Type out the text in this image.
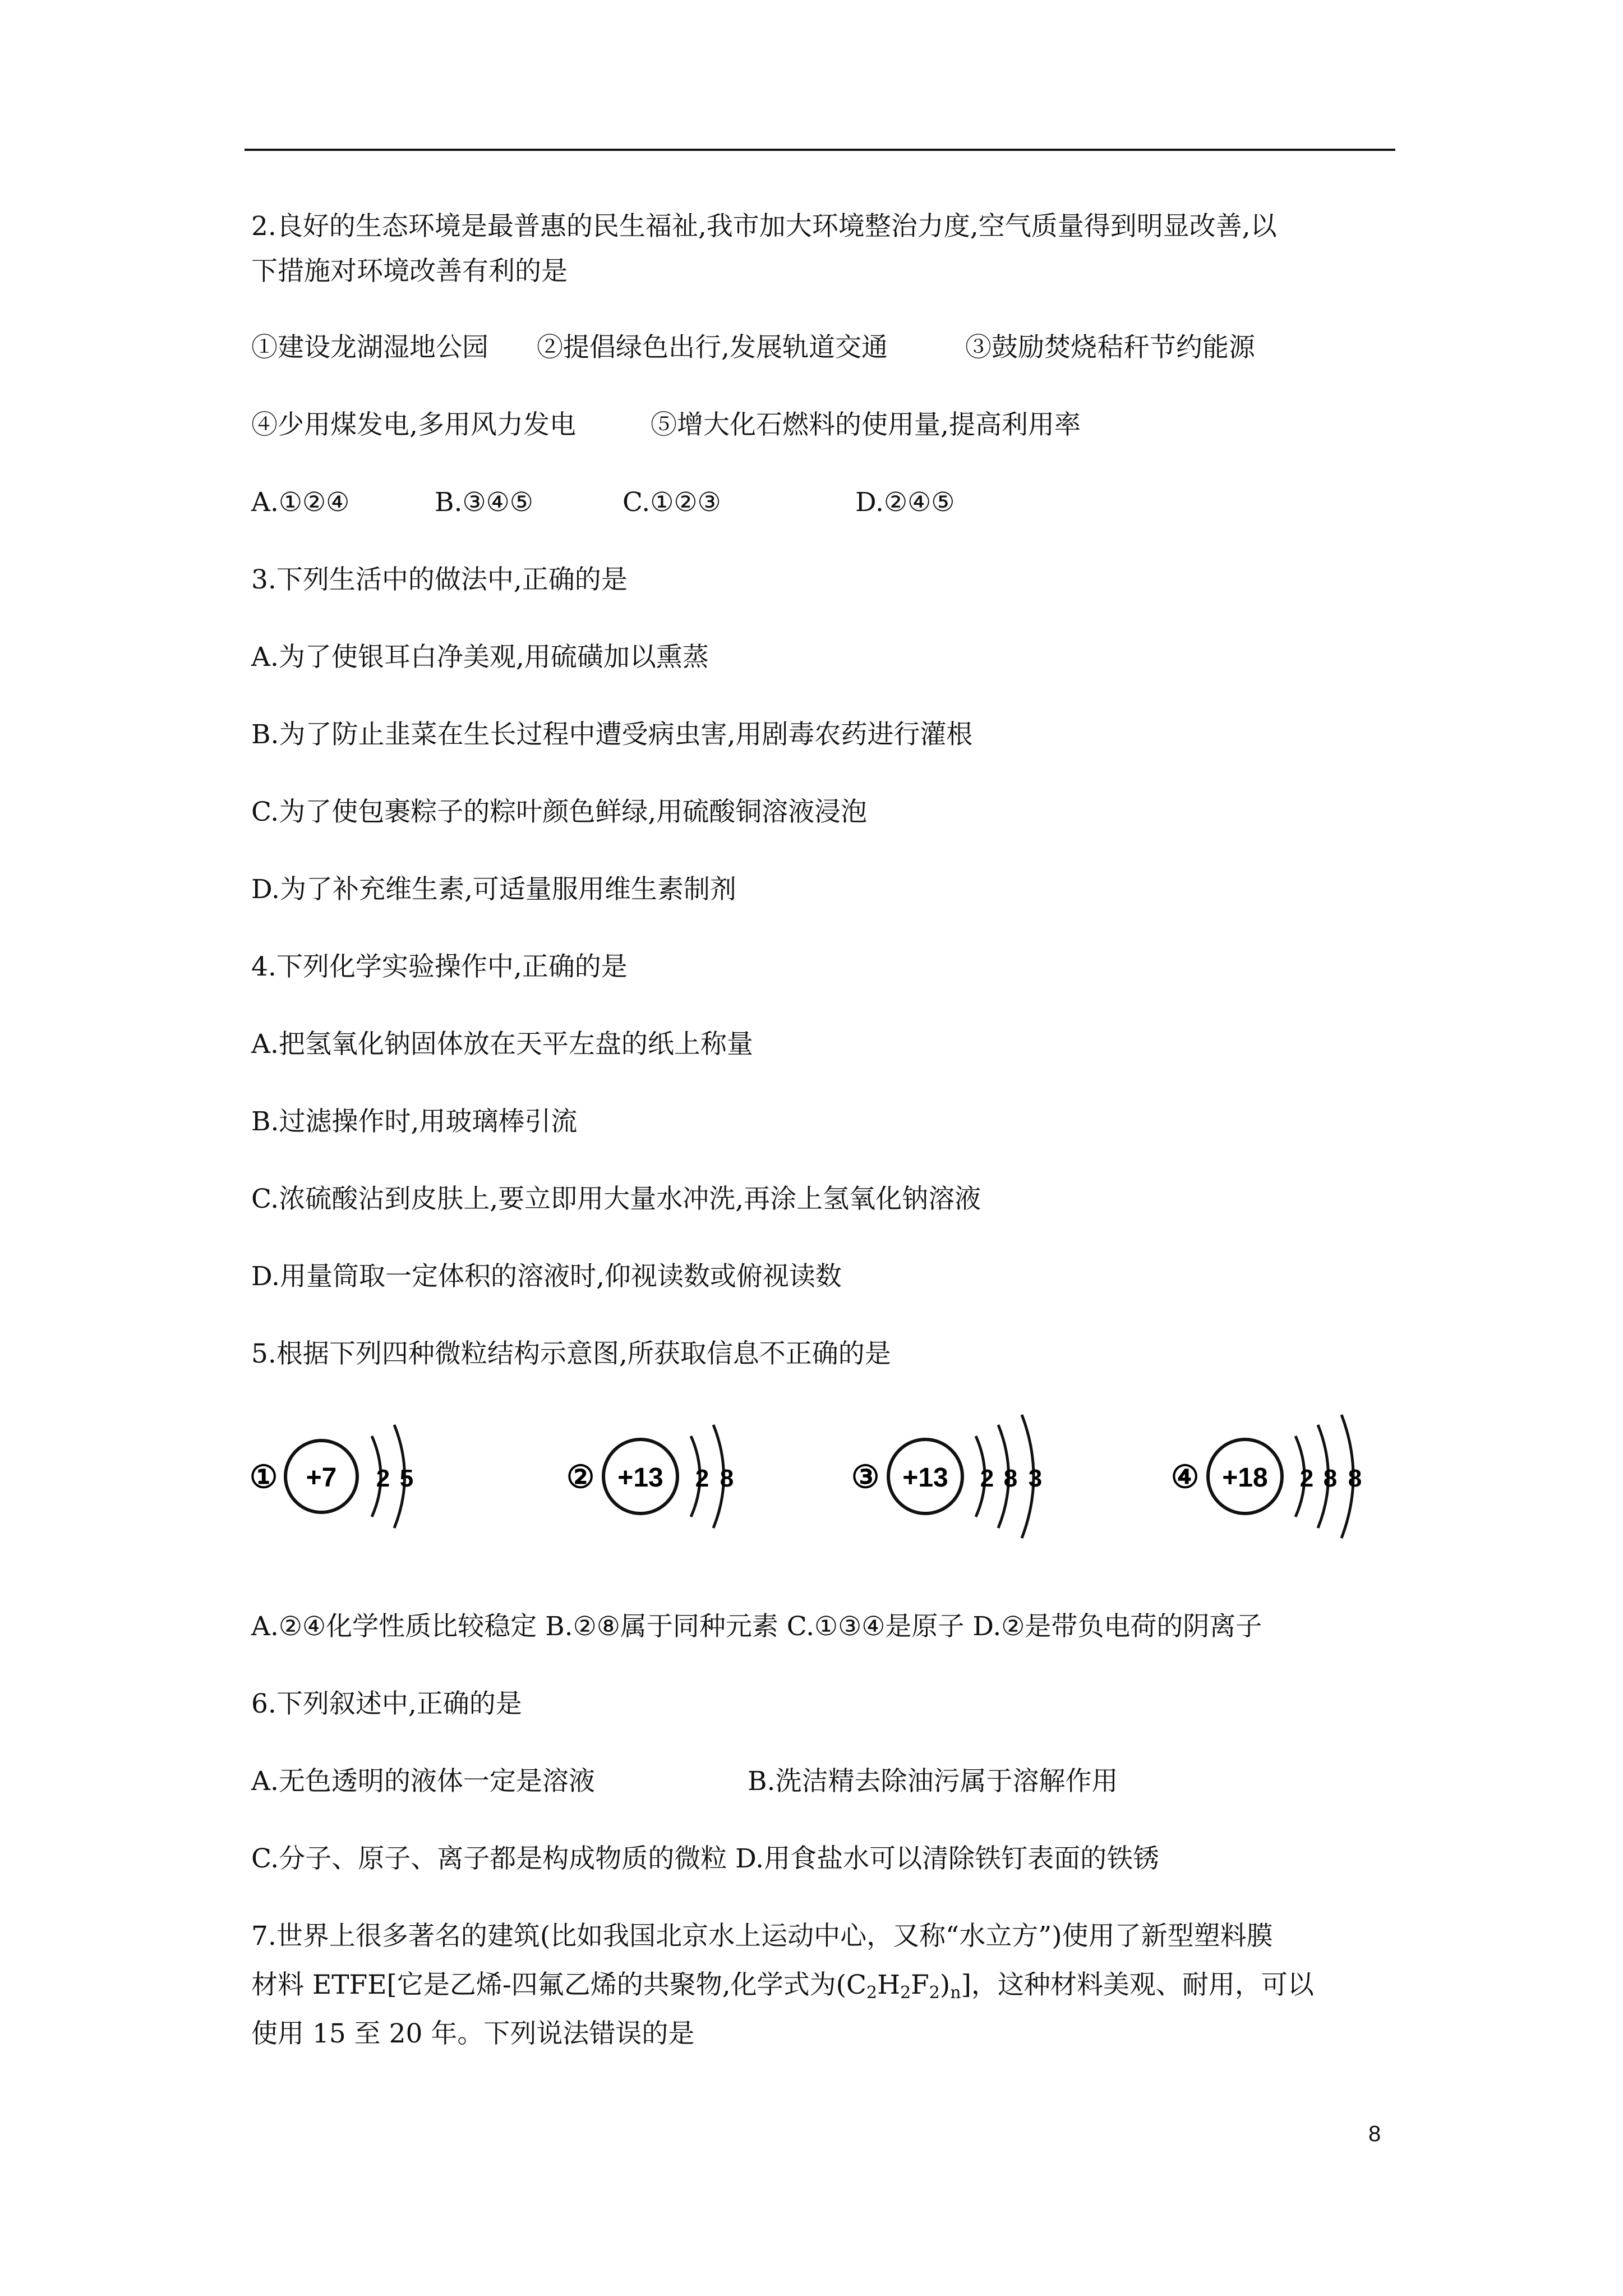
2.良好的生态环境是最普惠的民生福祉,我市加大环境整治力度,空气质量得到明显改善,以
下措施对环境改善有利的是
①建设龙湖湿地公园 ②提倡绿色出行,发展轨道交通	③鼓励焚烧秸秆节约能源
④少用煤发电,多用风力发电	⑤增大化石燃料的使用量,提高利用率
A.①②④	B.③④⑤	C.①②③	D.②④⑤
3.下列生活中的做法中,正确的是
A.为了使银耳白净美观,用硫磺加以熏蒸
B.为了防止韭菜在生长过程中遭受病虫害,用剧毒农药进行灌根
C.为了使包裹粽子的粽叶颜色鲜绿,用硫酸铜溶液浸泡
D.为了补充维生素,可适量服用维生素制剂
4.下列化学实验操作中,正确的是
A.把氢氧化钠固体放在天平左盘的纸上称量
B.过滤操作时,用玻璃棒引流
C.浓硫酸沾到皮肤上,要立即用大量水冲洗,再涂上氢氧化钠溶液
D.用量筒取一定体积的溶液时,仰视读数或俯视读数
5.根据下列四种微粒结构示意图,所获取信息不正确的是
① +7 2 5	② +13 2 8	③ +13 2 8 3	④ +18 2 8 8
A.②④化学性质比较稳定 B.②⑧属于同种元素 C.①③④是原子 D.②是带负电荷的阴离子
6.下列叙述中,正确的是
A.无色透明的液体一定是溶液	B.洗洁精去除油污属于溶解作用
C.分子、原子、离子都是构成物质的微粒 D.用食盐水可以清除铁钉表面的铁锈
7.世界上很多著名的建筑(比如我国北京水上运动中心，又称“水立方”)使用了新型塑料膜
材料 ETFE[它是乙烯-四氟乙烯的共聚物,化学式为$(C_2H_2F_2)_n$]，这种材料美观、耐用，可以
使用 15 至 20 年。下列说法错误的是
8
